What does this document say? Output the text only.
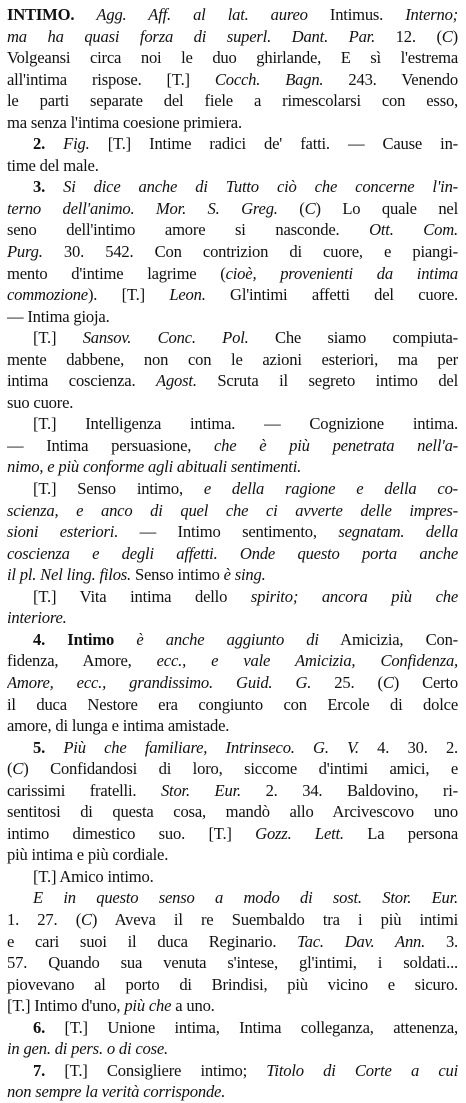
INTIMO. Agg. Aff. al lat. aureo Intimus. Interno;
ma ha quasi forza di superl. Dant. Par. 12. (C)
Volgeansi circa noi le duo ghirlande, E sì l'estrema
all'intima rispose. [T.] Cocch. Bagn. 243. Venendo
le parti separate del fiele a rimescolarsi con esso,
ma senza l'intima coesione primiera.
2. Fig. [T.] Intime radici de' fatti. — Cause in-
time del male.
3. Si dice anche di Tutto ciò che concerne l'in-
terno dell'animo. Mor. S. Greg. (C) Lo quale nel
seno dell'intimo amore si nasconde. Ott. Com.
Purg. 30. 542. Con contrizion di cuore, e piangi-
mento d'intime lagrime (cioè, provenienti da intima
commozione). [T.] Leon. Gl'intimi affetti del cuore.
— Intima gioja.
[T.] Sansov. Conc. Pol. Che siamo compiuta-
mente dabbene, non con le azioni esteriori, ma per
intima coscienza. Agost. Scruta il segreto intimo del
suo cuore.
[T.] Intelligenza intima. — Cognizione intima.
— Intima persuasione, che è più penetrata nell'a-
nimo, e più conforme agli abituali sentimenti.
[T.] Senso intimo, e della ragione e della co-
scienza, e anco di quel che ci avverte delle impres-
sioni esteriori. — Intimo sentimento, segnatam. della
coscienza e degli affetti. Onde questo porta anche
il pl. Nel ling. filos. Senso intimo è sing.
[T.] Vita intima dello spirito; ancora più che
interiore.
4. Intimo è anche aggiunto di Amicizia, Con-
fidenza, Amore, ecc., e vale Amicizia, Confidenza,
Amore, ecc., grandissimo. Guid. G. 25. (C) Certo
il duca Nestore era congiunto con Ercole di dolce
amore, di lunga e intima amistade.
5. Più che familiare, Intrinseco. G. V. 4. 30. 2.
(C) Confidandosi di loro, siccome d'intimi amici, e
carissimi fratelli. Stor. Eur. 2. 34. Baldovino, ri-
sentitosi di questa cosa, mandò allo Arcivescovo uno
intimo dimestico suo. [T.] Gozz. Lett. La persona
più intima e più cordiale.
[T.] Amico intimo.
E in questo senso a modo di sost. Stor. Eur.
1. 27. (C) Aveva il re Suembaldo tra i più intimi
e cari suoi il duca Reginario. Tac. Dav. Ann. 3.
57. Quando sua venuta s'intese, gl'intimi, i soldati...
piovevano al porto di Brindisi, più vicino e sicuro.
[T.] Intimo d'uno, più che a uno.
6. [T.] Unione intima, Intima colleganza, attenenza,
in gen. di pers. o di cose.
7. [T.] Consigliere intimo; Titolo di Corte a cui
non sempre la verità corrisponde.
